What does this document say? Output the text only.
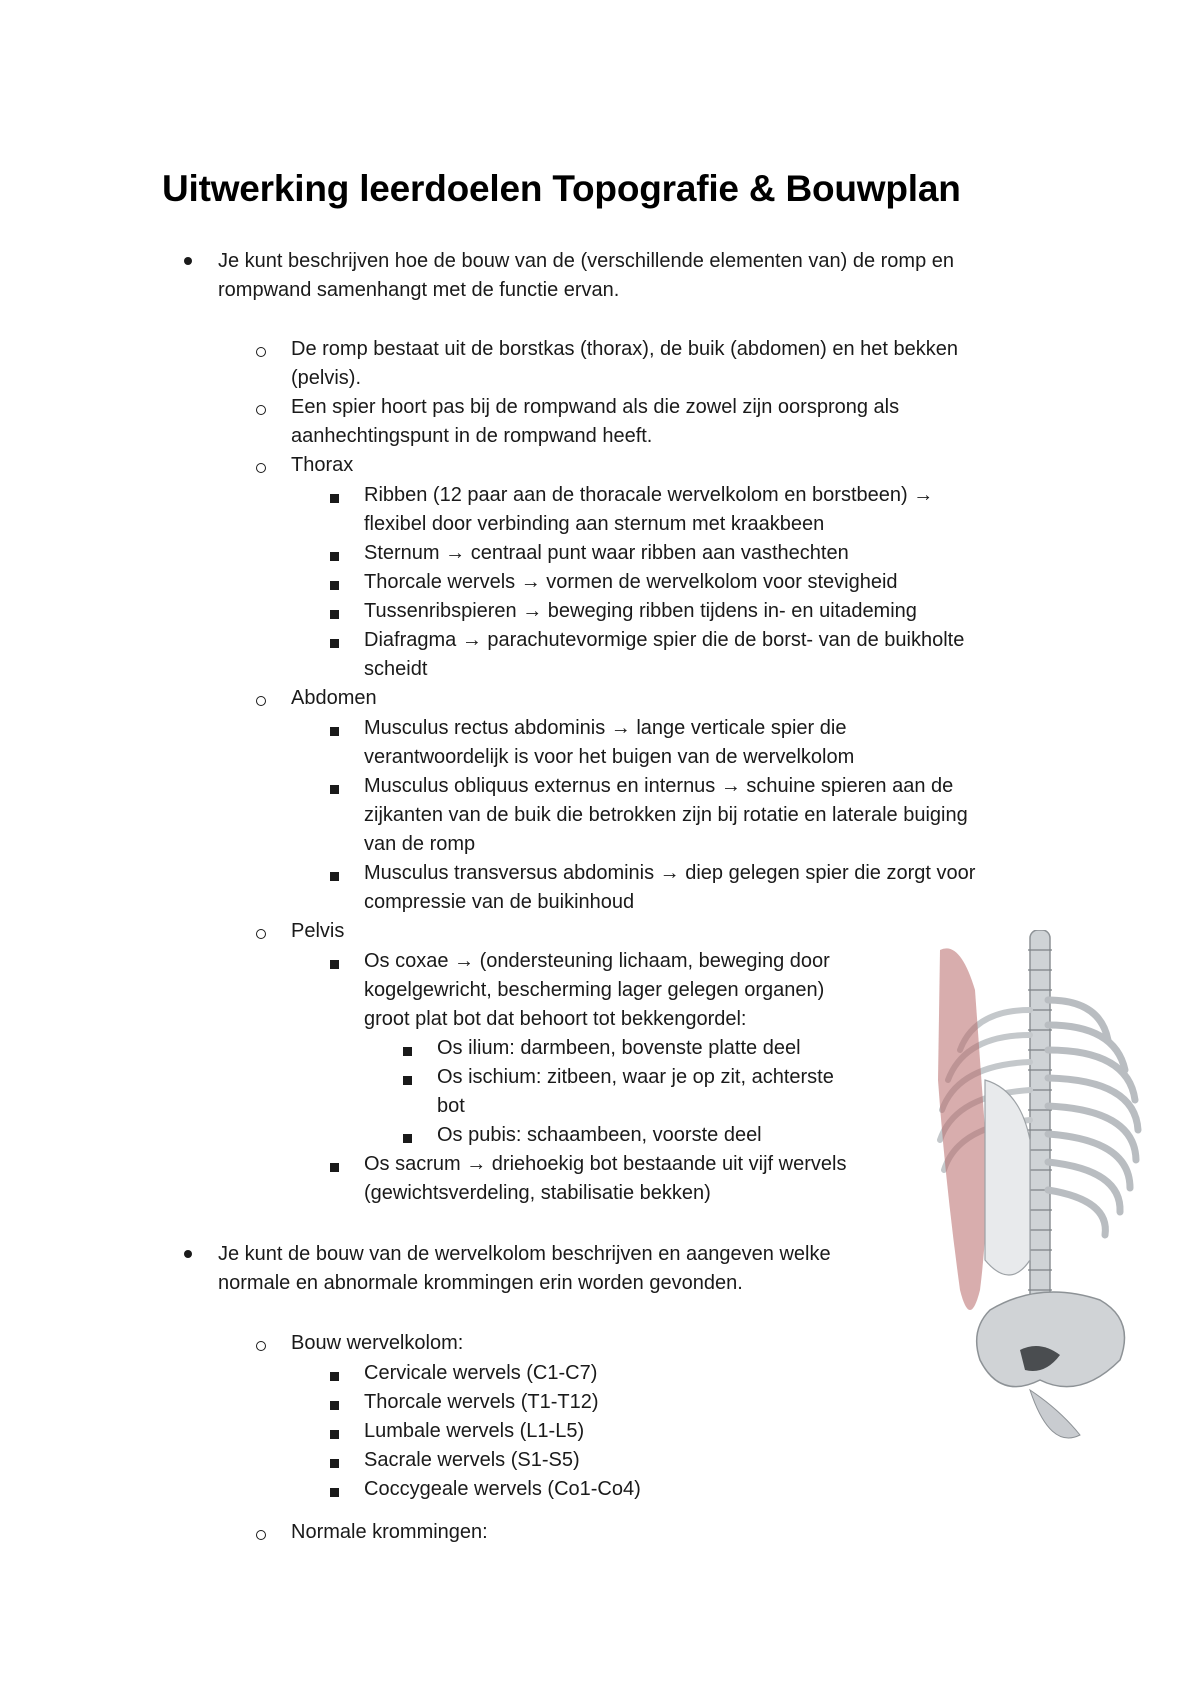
Uitwerking leerdoelen Topografie & Bouwplan
Je kunt beschrijven hoe de bouw van de (verschillende elementen van) de romp en
rompwand samenhangt met de functie ervan.
De romp bestaat uit de borstkas (thorax), de buik (abdomen) en het bekken
(pelvis).
Een spier hoort pas bij de rompwand als die zowel zijn oorsprong als
aanhechtingspunt in de rompwand heeft.
Thorax
Ribben (12 paar aan de thoracale wervelkolom en borstbeen) →
flexibel door verbinding aan sternum met kraakbeen
Sternum → centraal punt waar ribben aan vasthechten
Thorcale wervels → vormen de wervelkolom voor stevigheid
Tussenribspieren → beweging ribben tijdens in- en uitademing
Diafragma → parachutevormige spier die de borst- van de buikholte
scheidt
Abdomen
Musculus rectus abdominis → lange verticale spier die
verantwoordelijk is voor het buigen van de wervelkolom
Musculus obliquus externus en internus → schuine spieren aan de
zijkanten van de buik die betrokken zijn bij rotatie en laterale buiging
van de romp
Musculus transversus abdominis → diep gelegen spier die zorgt voor
compressie van de buikinhoud
Pelvis
Os coxae → (ondersteuning lichaam, beweging door
kogelgewricht, bescherming lager gelegen organen)
groot plat bot dat behoort tot bekkengordel:
Os ilium: darmbeen, bovenste platte deel
Os ischium: zitbeen, waar je op zit, achterste
bot
Os pubis: schaambeen, voorste deel
Os sacrum → driehoekig bot bestaande uit vijf wervels
(gewichtsverdeling, stabilisatie bekken)
Je kunt de bouw van de wervelkolom beschrijven en aangeven welke
normale en abnormale krommingen erin worden gevonden.
Bouw wervelkolom:
Cervicale wervels (C1-C7)
Thorcale wervels (T1-T12)
Lumbale wervels (L1-L5)
Sacrale wervels (S1-S5)
Coccygeale wervels (Co1-Co4)
Normale krommingen:
